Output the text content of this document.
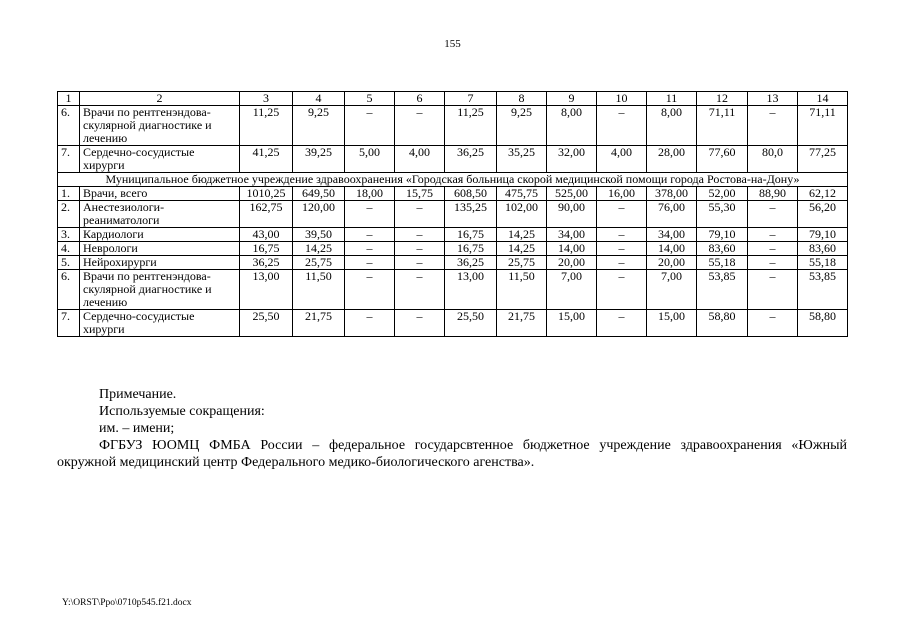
155
1	2	3	4	5	6	7	8	9	10	11	12	13	14
6.	Врачи по рентгенэндова-скулярной диагностике и лечению	11,25	9,25	–	–	11,25	9,25	8,00	–	8,00	71,11	–	71,11
7.	Сердечно-сосудистые хирурги	41,25	39,25	5,00	4,00	36,25	35,25	32,00	4,00	28,00	77,60	80,0	77,25
Муниципальное бюджетное учреждение здравоохранения «Городская больница скорой медицинской помощи города Ростова-на-Дону»													
1.	Врачи, всего	1010,25	649,50	18,00	15,75	608,50	475,75	525,00	16,00	378,00	52,00	88,90	62,12
2.	Анестезиологи-реаниматологи	162,75	120,00	–	–	135,25	102,00	90,00	–	76,00	55,30	–	56,20
3.	Кардиологи	43,00	39,50	–	–	16,75	14,25	34,00	–	34,00	79,10	–	79,10
4.	Неврологи	16,75	14,25	–	–	16,75	14,25	14,00	–	14,00	83,60	–	83,60
5.	Нейрохирурги	36,25	25,75	–	–	36,25	25,75	20,00	–	20,00	55,18	–	55,18
6.	Врачи по рентгенэндова-скулярной диагностике и лечению	13,00	11,50	–	–	13,00	11,50	7,00	–	7,00	53,85	–	53,85
7.	Сердечно-сосудистые хирурги	25,50	21,75	–	–	25,50	21,75	15,00	–	15,00	58,80	–	58,80

Примечание.

Используемые сокращения:

им. – имени;

ФГБУЗ ЮОМЦ ФМБА России – федеральное государсвтенное бюджетное учреждение здравоохранения «Южный окружной медицинский центр Федерального медико-биологического агенства».

Y:\ORST\Ppo\0710p545.f21.docx
